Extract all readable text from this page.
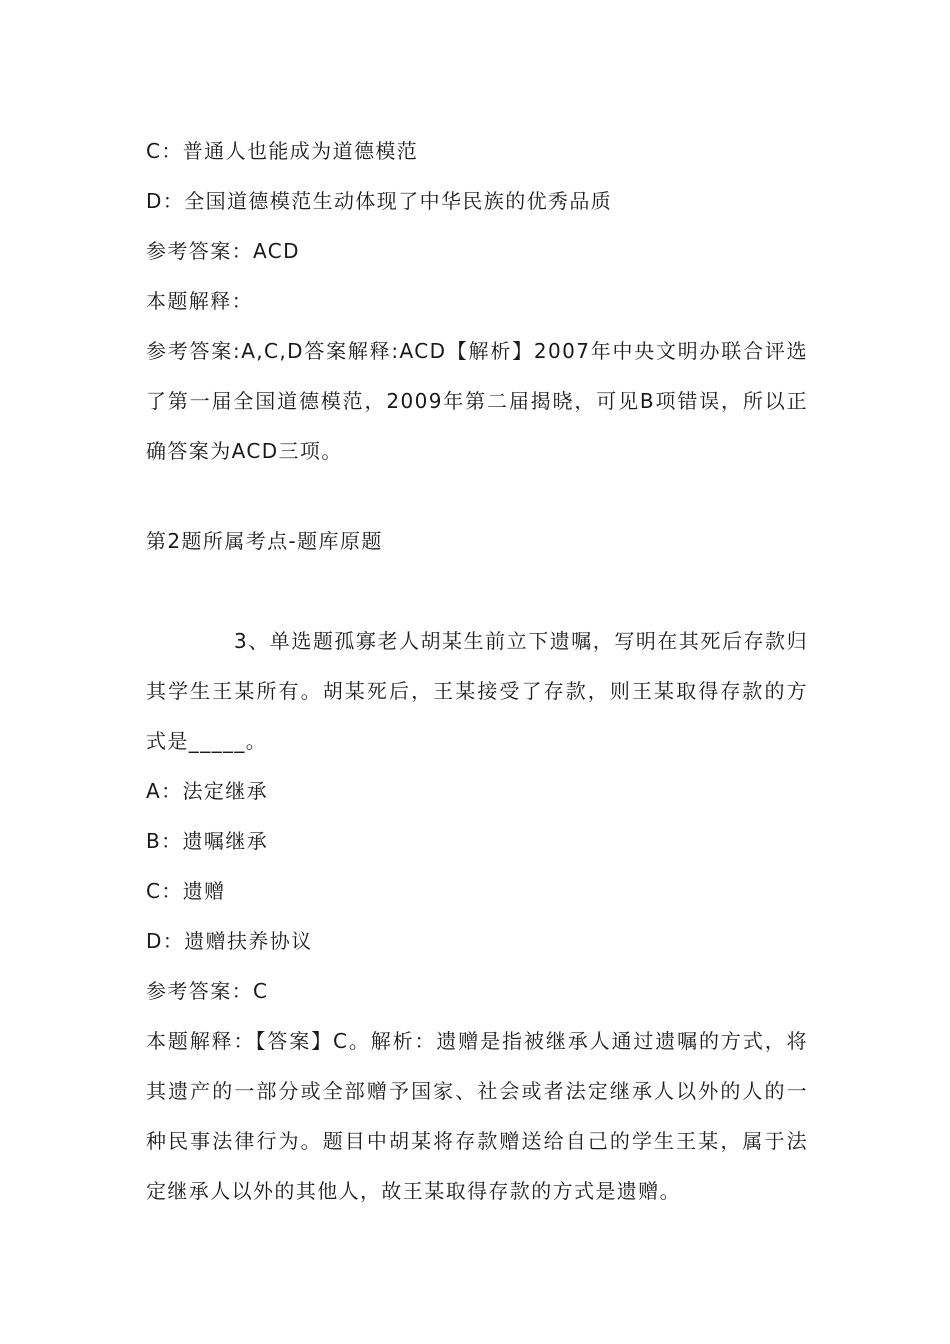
C：普通人也能成为道德模范
D：全国道德模范生动体现了中华民族的优秀品质
参考答案：ACD
本题解释：
参考答案:A,C,D答案解释:ACD【解析】2007年中央文明办联合评选了第一届全国道德模范，2009年第二届揭晓，可见B项错误，所以正确答案为ACD三项。
第2题所属考点-题库原题
3、单选题孤寡老人胡某生前立下遗嘱，写明在其死后存款归其学生王某所有。胡某死后，王某接受了存款，则王某取得存款的方式是_____。
A：法定继承
B：遗嘱继承
C：遗赠
D：遗赠扶养协议
参考答案：C
本题解释：【答案】C。解析：遗赠是指被继承人通过遗嘱的方式，将其遗产的一部分或全部赠予国家、社会或者法定继承人以外的人的一种民事法律行为。题目中胡某将存款赠送给自己的学生王某，属于法定继承人以外的其他人，故王某取得存款的方式是遗赠。
